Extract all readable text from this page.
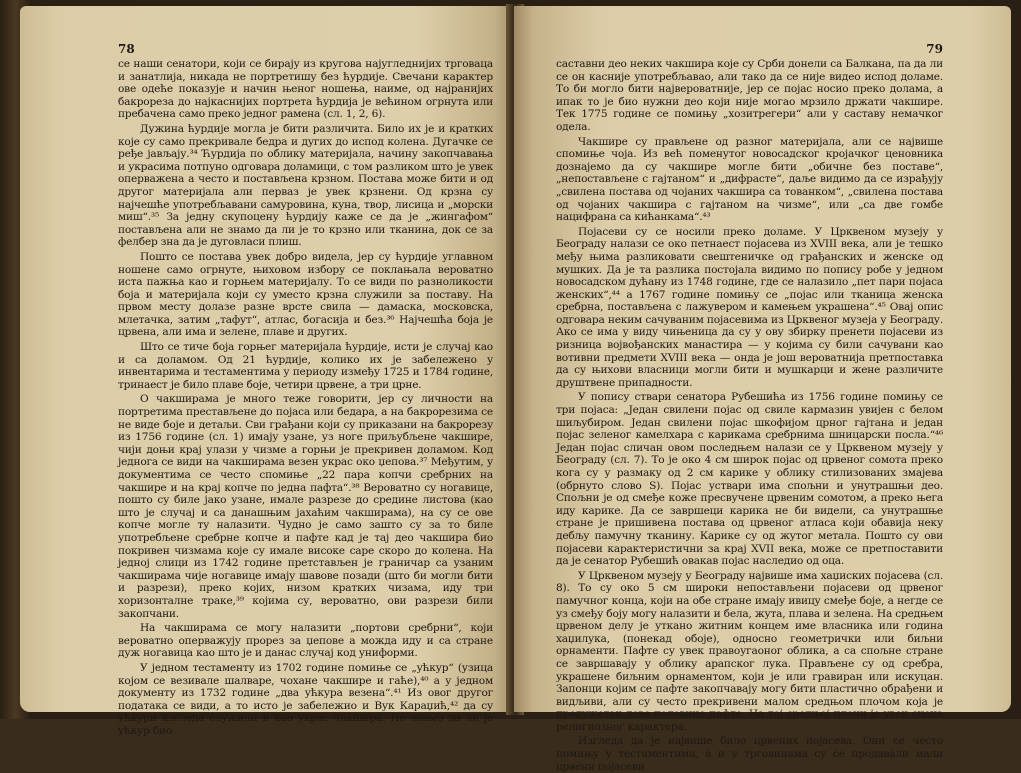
78

се наши сенатори, који се бирају из кругова најугледнијих трговаца и занатлија, никада не портретишу без ћурдије. Свечани карактер ове одеће показује и начин њеног ношења, наиме, од најранијих бакрореза до најкаснијих портрета ћурдија је већином огрнута или пребачена само преко једног рамена (сл. 1, 2, 6).

Дужина ћурдије могла је бити различита. Било их је и кратких које су само прекривале бедра и дугих до испод колена. Дугачке се ређе јављају.³⁴ Ћурдија по облику материјала, начину закопчавања и украсима потпуно одговара доламици, с том разликом што је увек оперважена а често и постављена крзном. Постава може бити и од другог материјала али перваз је увек крзнени. Од крзна су најчешће употребљавани самуровина, куна, твор, лисица и „морски миш“.³⁵ За једну скупоцену ћурдију каже се да је „жингафом“ постављена али не знамо да ли је то крзно или тканина, док се за фелбер зна да је дуговласи плиш.

Пошто се постава увек добро видела, јер су ћурдије углавном ношене само огрнуте, њиховом избору се поклањала вероватно иста пажња као и горњем материјалу. То се види по разноликости боја и материјала који су уместо крзна служили за поставу. На првом месту долазе разне врсте свила — дамаска, московска, млетачка, затим „тафут“, атлас, богасија и без.³⁶ Најчешћа боја је црвена, али има и зелене, плаве и других.

Што се тиче боја горњег материјала ћурдије, исти је случај као и са доламом. Од 21 ћурдије, колико их је забележено у инвентарима и тестаментима у периоду између 1725 и 1784 године, тринаест је било плаве боје, четири црвене, а три црне.

О чакширама је много теже говорити, јер су личности на портретима престављене до појаса или бедара, а на бакрорезима се не виде боје и детаљи. Сви грађани који су приказани на бакрорезу из 1756 године (сл. 1) имају узане, уз ноге приљубљене чакшире, чији доњи крај улази у чизме а горњи је прекривен доламом. Код једнога се види на чакширама везен украс око џепова.³⁷ Међутим, у документима се често спомиње „22 пара копчи сребрних на чакшире и на крај копче по једна пафта“.³⁸ Вероватно су ногавице, пошто су биле јако узане, имале разрезе до средине листова (као што је случај и са данашњим јахаћим чакширама), на су се ове копче могле ту налазити. Чудно је само зашто су за то биле употребљене сребрне копче и пафте кад је тај део чакшира био покривен чизмама које су имале високе саре скоро до колена. На једној слици из 1742 године претстављен је граничар са узаним чакширама чије ногавице имају шавове позади (што би могли бити и разрези), преко којих, низом кратких чизама, иду три хоризонталне траке,³⁹ којима су, вероватно, ови разрези били закопчани.

На чакширама се могу налазити „портови сребрни“, који вероватно оперважују прорез за џепове а можда иду и са стране дуж ногавица као што је и данас случај код униформи.

У једном тестаменту из 1702 године помиње се „ућкур“ (узица којом се везивале шалваре, чохане чакшире и гаће),⁴⁰ а у једном документу из 1732 године „два ућкура везена“.⁴¹ Из овог другог података се види, а то исто је забележио и Вук Караџић,⁴² да су ућкури изгледа служили и као украс чакшира. Не знамо да ли је ућкур био

79

саставни део неких чакшира које су Срби донели са Балкана, па да ли се он касније употребљавао, али тако да се није видео испод доламе. То би могло бити највероватније, јер се појас носио преко долама, а ипак то је био нужни део који није могао мрзило држати чакшире. Тек 1775 године се помињу „хозитрегери“ али у саставу немачког одела.

Чакшире су прављене од разног материјала, али се највише спомиње чоја. Из већ поменутог новосадског кројачког ценовника дознајемо да су чакшире могле бити „обичне без поставе“, „непостављене с гајтаном“ и „дифрасте“, даље видимо да се израђују „свилена постава од чојаних чакшира са тованком“, „свилена постава од чојаних чакшира с гајтаном на чизме“, или „са две гомбе нацифрана са кићанкама“.⁴³

Појасеви су се носили преко доламе. У Црквеном музеју у Београду налази се око петнаест појасева из XVIII века, али је тешко међу њима разликовати свештеничке од грађанских и женске од мушких. Да је та разлика постојала видимо по попису робе у једном новосадском дућану из 1748 године, где се налазило „пет пари појаса женских“,⁴⁴ а 1767 године помињу се „појас или тканица женска сребрна, постављена с лажувером и камењем украшена“.⁴⁵ Овај опис одговара неким сачуваним појасевима из Црквеног музеја у Београду. Ако се има у виду чињеница да су у ову збирку пренети појасеви из ризница војвођанских манастира — у којима су били сачувани као вотивни предмети XVIII века — онда је још вероватнија претпоставка да су њихови власници могли бити и мушкарци и жене различите друштвене припадности.

У попису ствари сенатора Рубешића из 1756 године помињу се три појаса: „Један свилени појас од свиле кармазин увијен с белом шиљубиром. Један свилени појас шкофијом црног гајтана и један појас зеленог камелхара с карикама сребрнима шницарски посла.“⁴⁶ Један појас сличан овом последњем налази се у Црквеном музеју у Београду (сл. 7). То је око 4 см широк појас од црвеног сомота преко кога су у размаку од 2 см карике у облику стилизованих змајева (обрнуто слово S). Појас уствари има спољни и унутрашњи део. Спољни је од смеђе коже пресвучене црвеним сомотом, а преко њега иду карике. Да се завршеци карика не би видели, са унутрашње стране је пришивена постава од црвеног атласа који обавија неку дебљу памучну тканину. Карике су од жутог метала. Пошто су ови појасеви карактеристични за крај XVII века, може се претпоставити да је сенатор Рубешић овакав појас наследио од оца.

У Црквеном музеју у Београду највише има хаџиских појасева (сл. 8). То су око 5 см широки непостављени појасеви од црвеног памучног конца, који на обе стране имају ивицу смеђе боје, а негде се уз смеђу боју могу налазити и бела, жута, плава и зелена. На средњем црвеном делу је уткано житним концем име власника или година хаџилука, (понекад обоје), односно геометрички или биљни орнаменти. Пафте су увек правоугаоног облика, а са спољне стране се завршавају у облику арапског лука. Прављене су од сребра, украшене биљним орнаментом, који је или гравиран или искуцан. Запонци којим се пафте закопчавају могу бити пластично обрађени и видљиви, али су често прекривени малом средњом плочом која је продужетак леве половине пафте. На тој средњој плочи је увек сцена религиозног карактера.

Изгледа да је највише било црвених појасева. Они се често помињу у тестаментима, а и у трговинама су се продавали мали црвени појасеви
